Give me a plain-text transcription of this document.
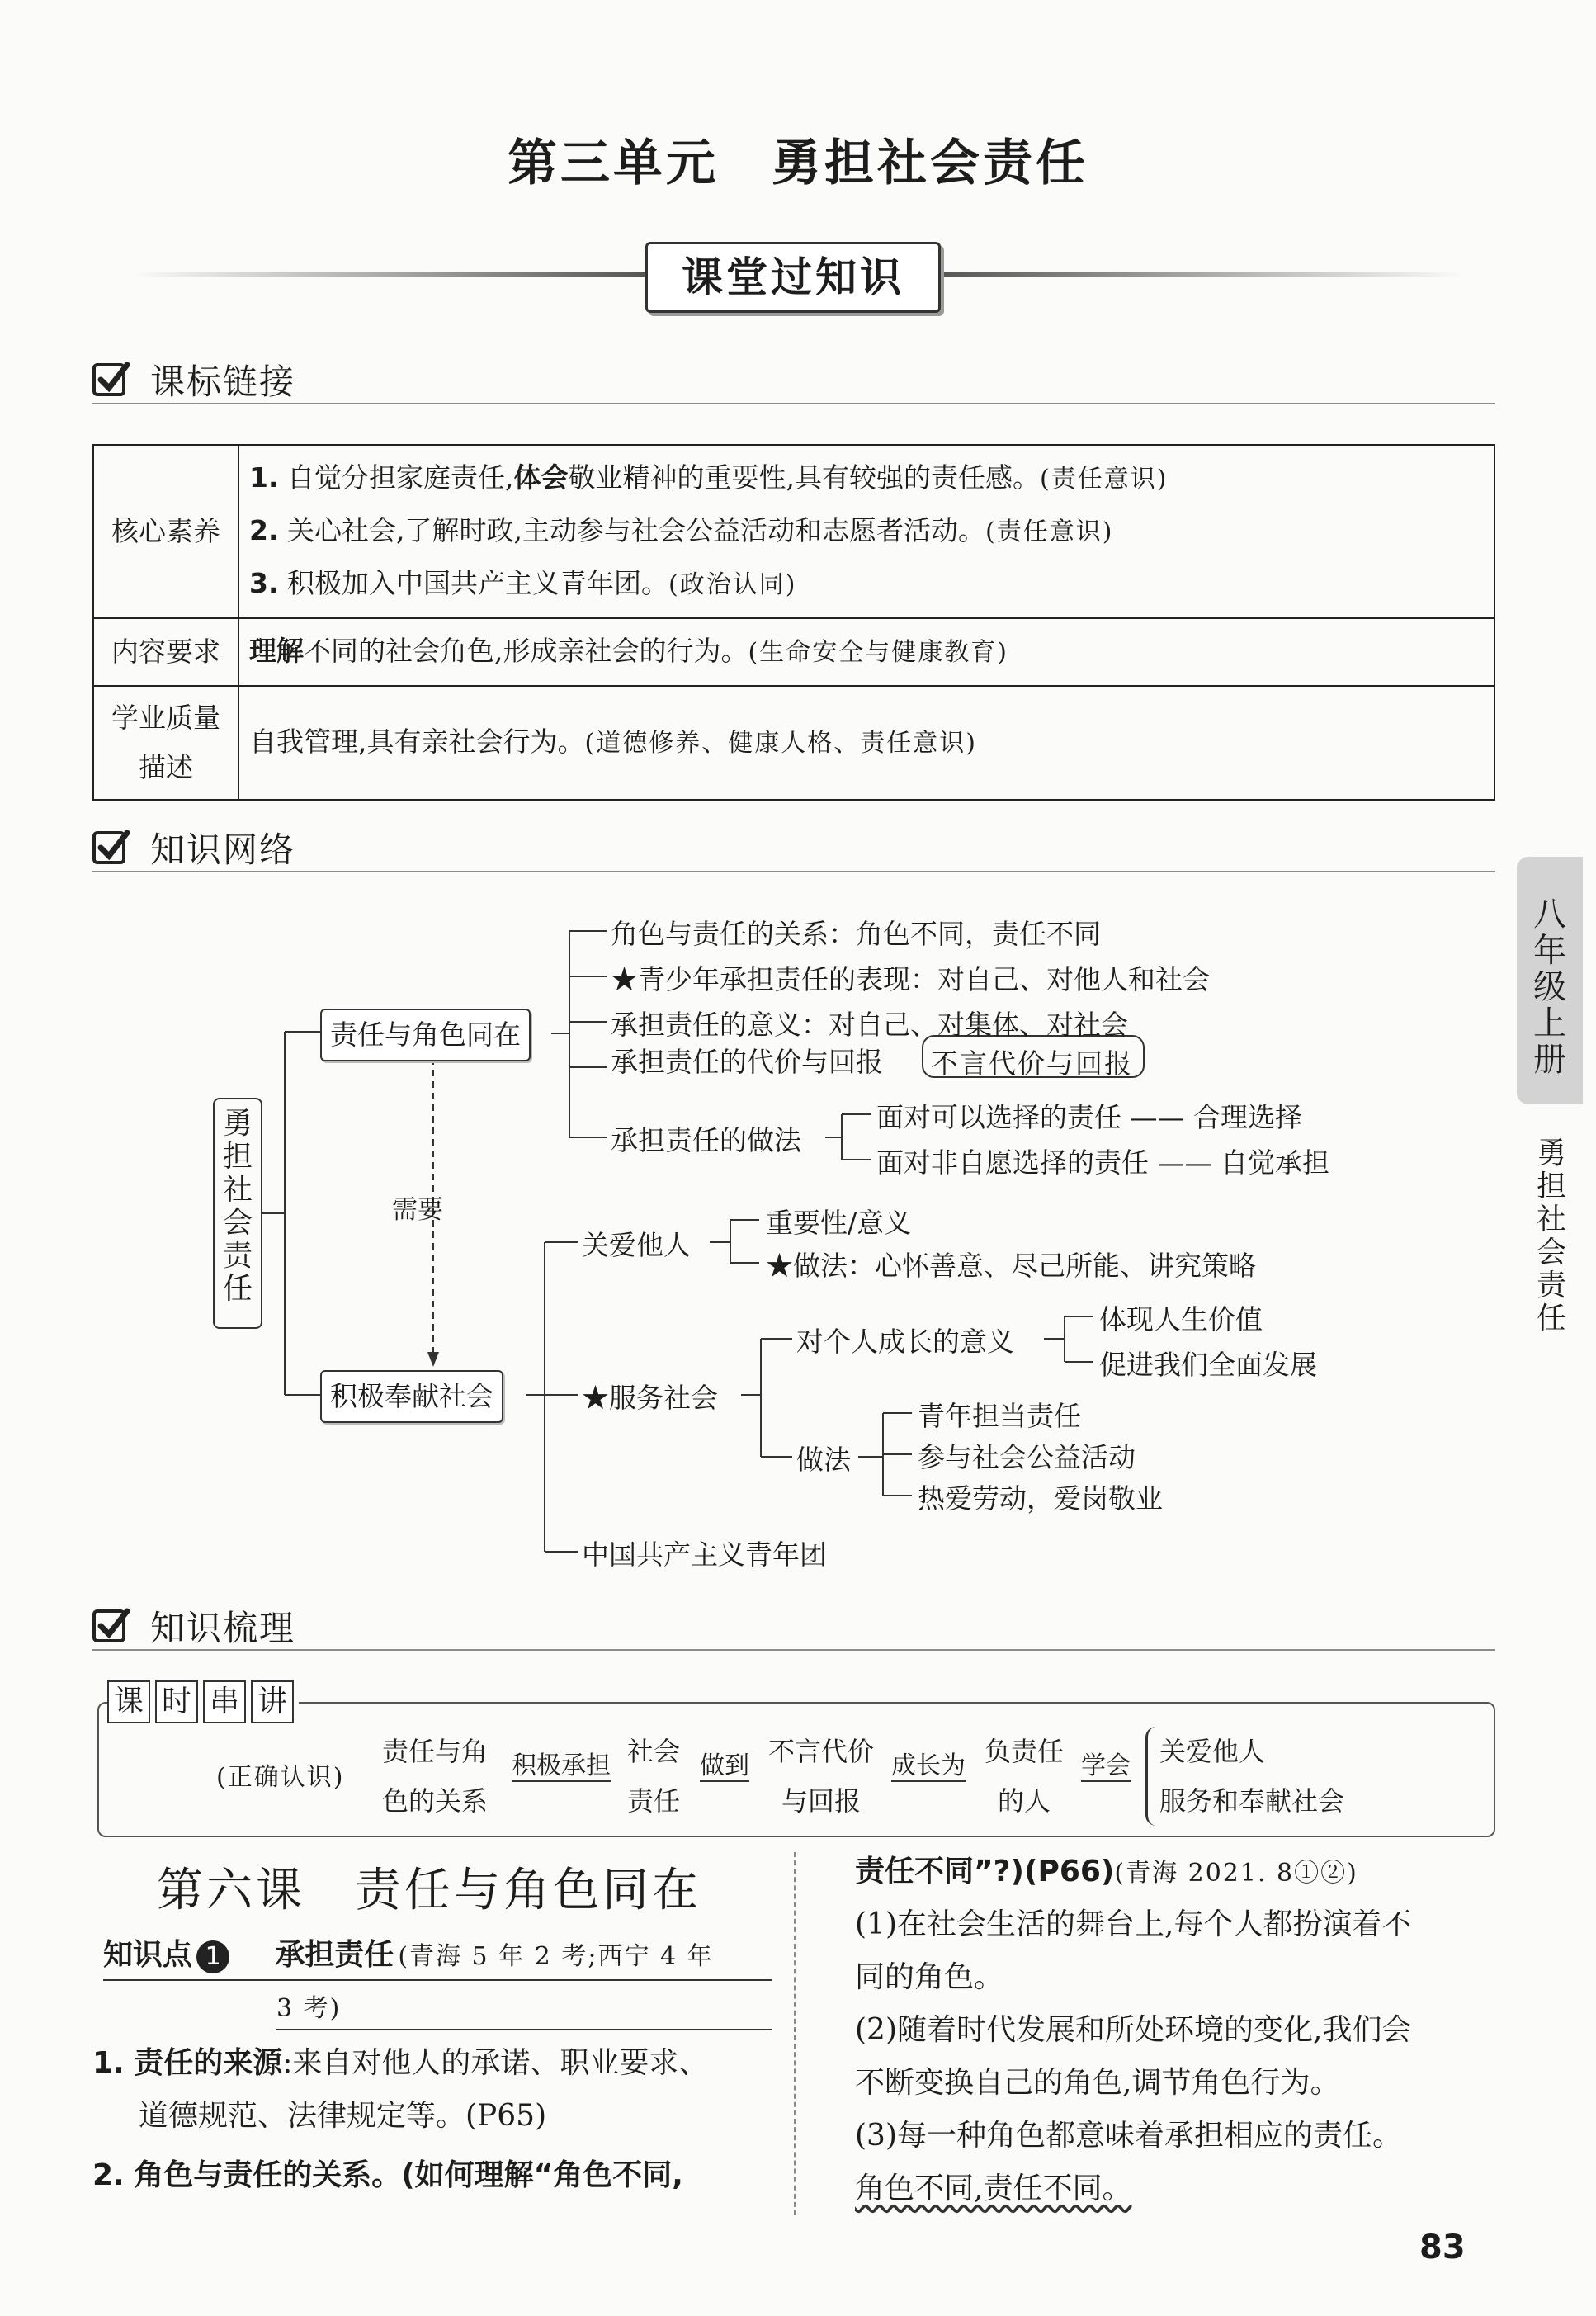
第三单元　勇担社会责任
课堂过知识
课标链接
核心素养	1. 自觉分担家庭责任,体会敬业精神的重要性,具有较强的责任感。(责任意识)
2. 关心社会,了解时政,主动参与社会公益活动和志愿者活动。(责任意识)
3. 积极加入中国共产主义青年团。(政治认同)

内容要求	理解不同的社会角色,形成亲社会的行为。(生命安全与健康教育)

学业质量
描述	自我管理,具有亲社会行为。(道德修养、健康人格、责任意识)
知识网络
勇担社会责任
责任与角色同在
积极奉献社会
需要
角色与责任的关系：角色不同，责任不同
★青少年承担责任的表现：对自己、对他人和社会
承担责任的意义：对自己、对集体、对社会
承担责任的代价与回报 不言代价与回报
承担责任的做法
面对可以选择的责任 —— 合理选择
面对非自愿选择的责任 —— 自觉承担
关爱他人
重要性/意义
★做法：心怀善意、尽己所能、讲究策略
★服务社会
对个人成长的意义
体现人生价值
促进我们全面发展
做法
青年担当责任
参与社会公益活动
热爱劳动，爱岗敬业
中国共产主义青年团
八年级上册
勇担社会责任
知识梳理
课 时 串 讲
(正确认识)
责任与角
色的关系
积极承担 社会
责任
做到 不言代价
与回报
成长为 负责任
的人
学会	关爱他人
服务和奉献社会
第六课　责任与角色同在
知识点 1 承担责任 (青海 5 年 2 考;西宁 4 年
3 考)
1. 责任的来源:来自对他人的承诺、职业要求、
道德规范、法律规定等。(P65)
2. 角色与责任的关系。(如何理解“角色不同,
责任不同”?)(P66)(青海 2021. 8①②)
(1)在社会生活的舞台上,每个人都扮演着不
同的角色。
(2)随着时代发展和所处环境的变化,我们会
不断变换自己的角色,调节角色行为。
(3)每一种角色都意味着承担相应的责任。
角色不同,责任不同。
83
